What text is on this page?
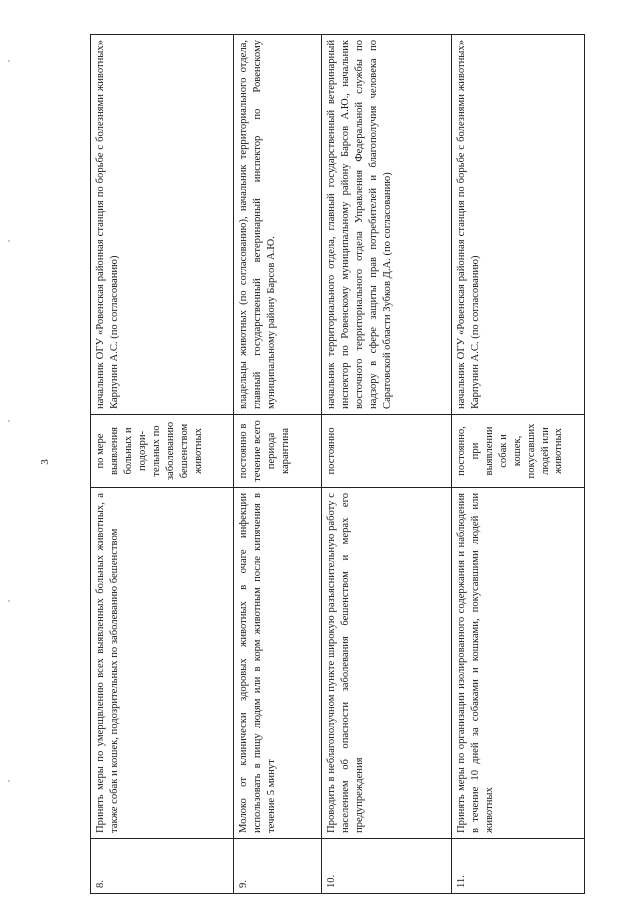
3
8.	Принять меры по умерщвлению всех выявленных больных животных, а также собак и кошек, подозрительных по заболеванию бешенством	по мере выявления больных и подозри-тельных по заболеванию бешенством животных	начальник ОГУ «Ровенская районная станция по борьбе с болезнями животных» Карпунин А.С. (по согласованию)
9.	Молоко от клинически здоровых животных в очаге инфекции использовать в пищу людям или в корм животным после кипячения в течение 5 минут	постоянно в течение всего периода карантина	владельцы животных (по согласованию), начальник территориального отдела, главный государственный ветеринарный инспектор по Ровенскому муниципальному району Барсов А.Ю.
10.	Проводить в неблагополучном пункте широкую разъяснительную работу с населением об опасности заболевания бешенством и мерах его предупреждения	постоянно	начальник территориального отдела, главный государственный ветеринарный инспектор по Ровенскому муниципальному району Барсов А.Ю., начальник восточного территориального отдела Управления Федеральной службы по надзору в сфере защиты прав потребителей и благополучия человека по Саратовской области Зубков Д.А. (по согласованию)
11.	Принять меры по организации изолированного содержания и наблюдения в течение 10 дней за собаками и кошками, покусавшими людей или животных	постоянно, при выявлении собак и кошек, покусавших людей или животных	начальник ОГУ «Ровенская районная станция по борьбе с болезнями животных» Карпунин А.С. (по согласованию)
